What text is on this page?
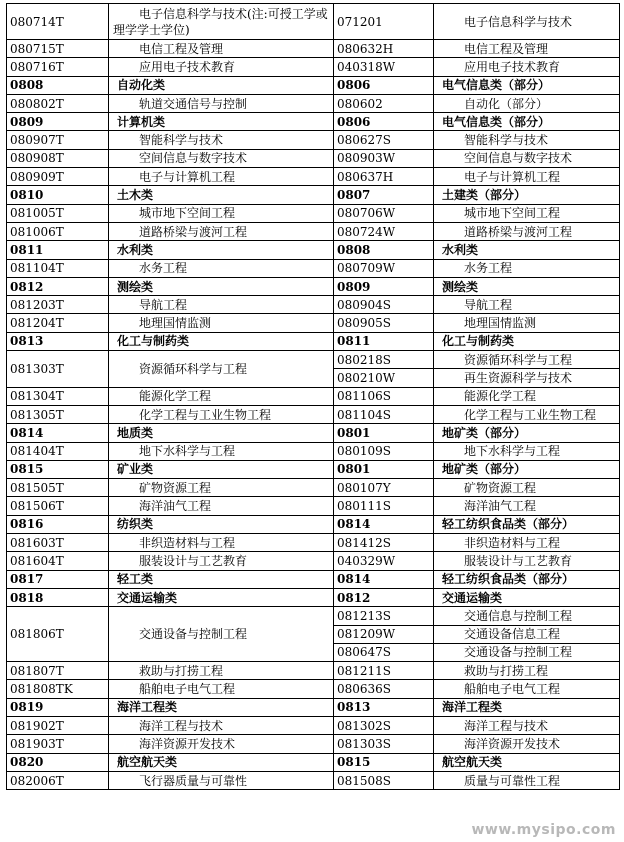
080714T	电子信息科学与技术(注:可授工学或理学学士学位)	071201	电子信息科学与技术
080715T	电信工程及管理	080632H	电信工程及管理
080716T	应用电子技术教育	040318W	应用电子技术教育
0808	自动化类	0806	电气信息类（部分）
080802T	轨道交通信号与控制	080602	自动化（部分）
0809	计算机类	0806	电气信息类（部分）
080907T	智能科学与技术	080627S	智能科学与技术
080908T	空间信息与数字技术	080903W	空间信息与数字技术
080909T	电子与计算机工程	080637H	电子与计算机工程
0810	土木类	0807	土建类（部分）
081005T	城市地下空间工程	080706W	城市地下空间工程
081006T	道路桥梁与渡河工程	080724W	道路桥梁与渡河工程
0811	水利类	0808	水利类
081104T	水务工程	080709W	水务工程
0812	测绘类	0809	测绘类
081203T	导航工程	080904S	导航工程
081204T	地理国情监测	080905S	地理国情监测
0813	化工与制药类	0811	化工与制药类
081303T	资源循环科学与工程	080218S	资源循环科学与工程
		080210W	再生资源科学与技术
081304T	能源化学工程	081106S	能源化学工程
081305T	化学工程与工业生物工程	081104S	化学工程与工业生物工程
0814	地质类	0801	地矿类（部分）
081404T	地下水科学与工程	080109S	地下水科学与工程
0815	矿业类	0801	地矿类（部分）
081505T	矿物资源工程	080107Y	矿物资源工程
081506T	海洋油气工程	080111S	海洋油气工程
0816	纺织类	0814	轻工纺织食品类（部分）
081603T	非织造材料与工程	081412S	非织造材料与工程
081604T	服装设计与工艺教育	040329W	服装设计与工艺教育
0817	轻工类	0814	轻工纺织食品类（部分）
0818	交通运输类	0812	交通运输类
081806T	交通设备与控制工程	081213S	交通信息与控制工程
		081209W	交通设备信息工程
		080647S	交通设备与控制工程
081807T	救助与打捞工程	081211S	救助与打捞工程
081808TK	船舶电子电气工程	080636S	船舶电子电气工程
0819	海洋工程类	0813	海洋工程类
081902T	海洋工程与技术	081302S	海洋工程与技术
081903T	海洋资源开发技术	081303S	海洋资源开发技术
0820	航空航天类	0815	航空航天类
082006T	飞行器质量与可靠性	081508S	质量与可靠性工程
www.mysipo.com
